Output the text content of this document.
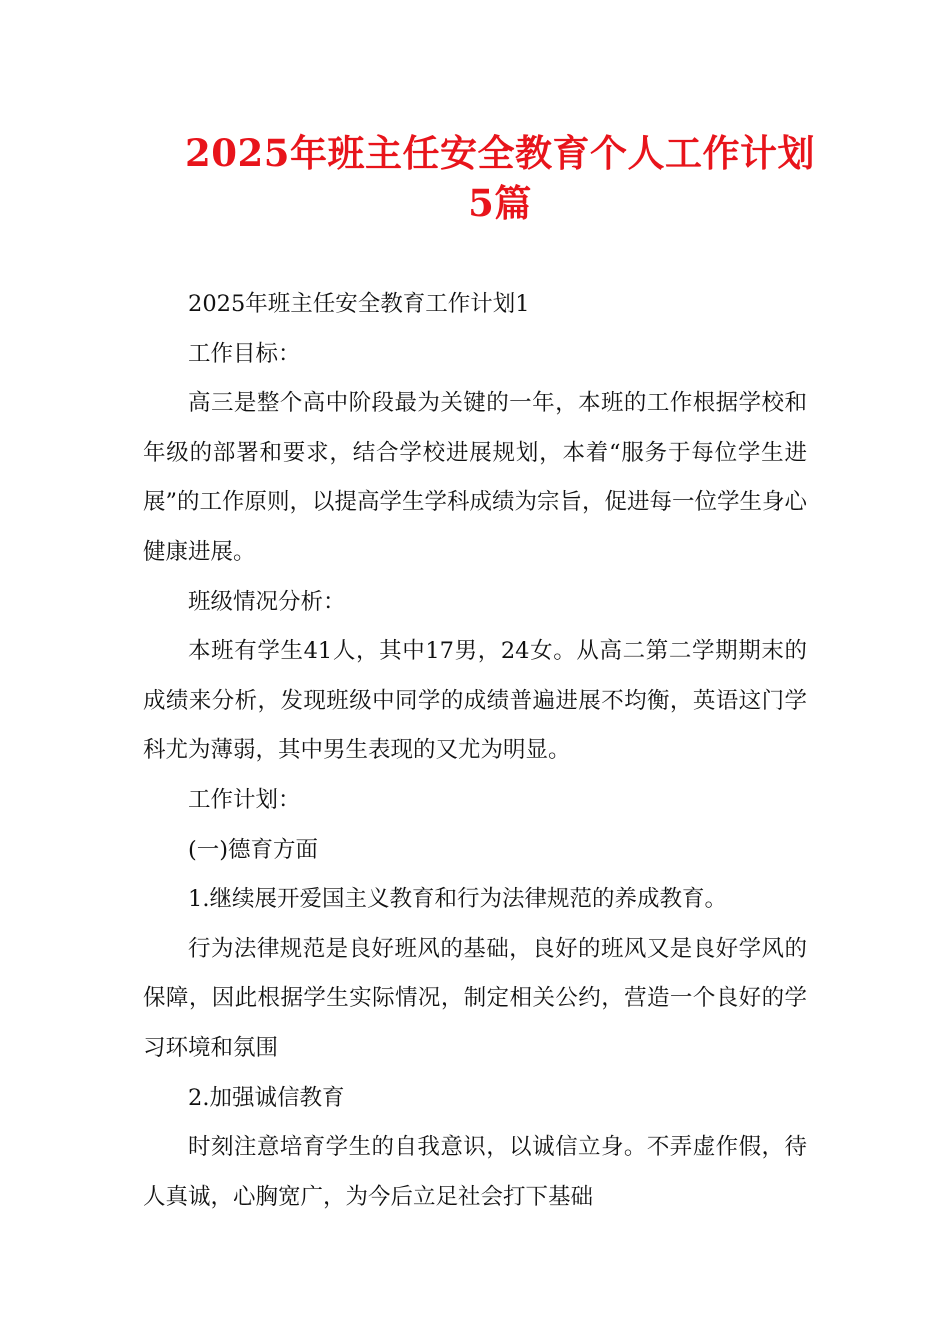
2025年班主任安全教育个人工作计划
5篇

2025年班主任安全教育工作计划1

工作目标：

高三是整个高中阶段最为关键的一年，本班的工作根据学校和年级的部署和要求，结合学校进展规划，本着“服务于每位学生进展”的工作原则，以提高学生学科成绩为宗旨，促进每一位学生身心健康进展。

班级情况分析：

本班有学生41人，其中17男，24女。从高二第二学期期末的成绩来分析，发现班级中同学的成绩普遍进展不均衡，英语这门学科尤为薄弱，其中男生表现的又尤为明显。

工作计划：

(一)德育方面

1.继续展开爱国主义教育和行为法律规范的养成教育。

行为法律规范是良好班风的基础，良好的班风又是良好学风的保障，因此根据学生实际情况，制定相关公约，营造一个良好的学习环境和氛围

2.加强诚信教育

时刻注意培育学生的自我意识，以诚信立身。不弄虚作假，待人真诚，心胸宽广，为今后立足社会打下基础
